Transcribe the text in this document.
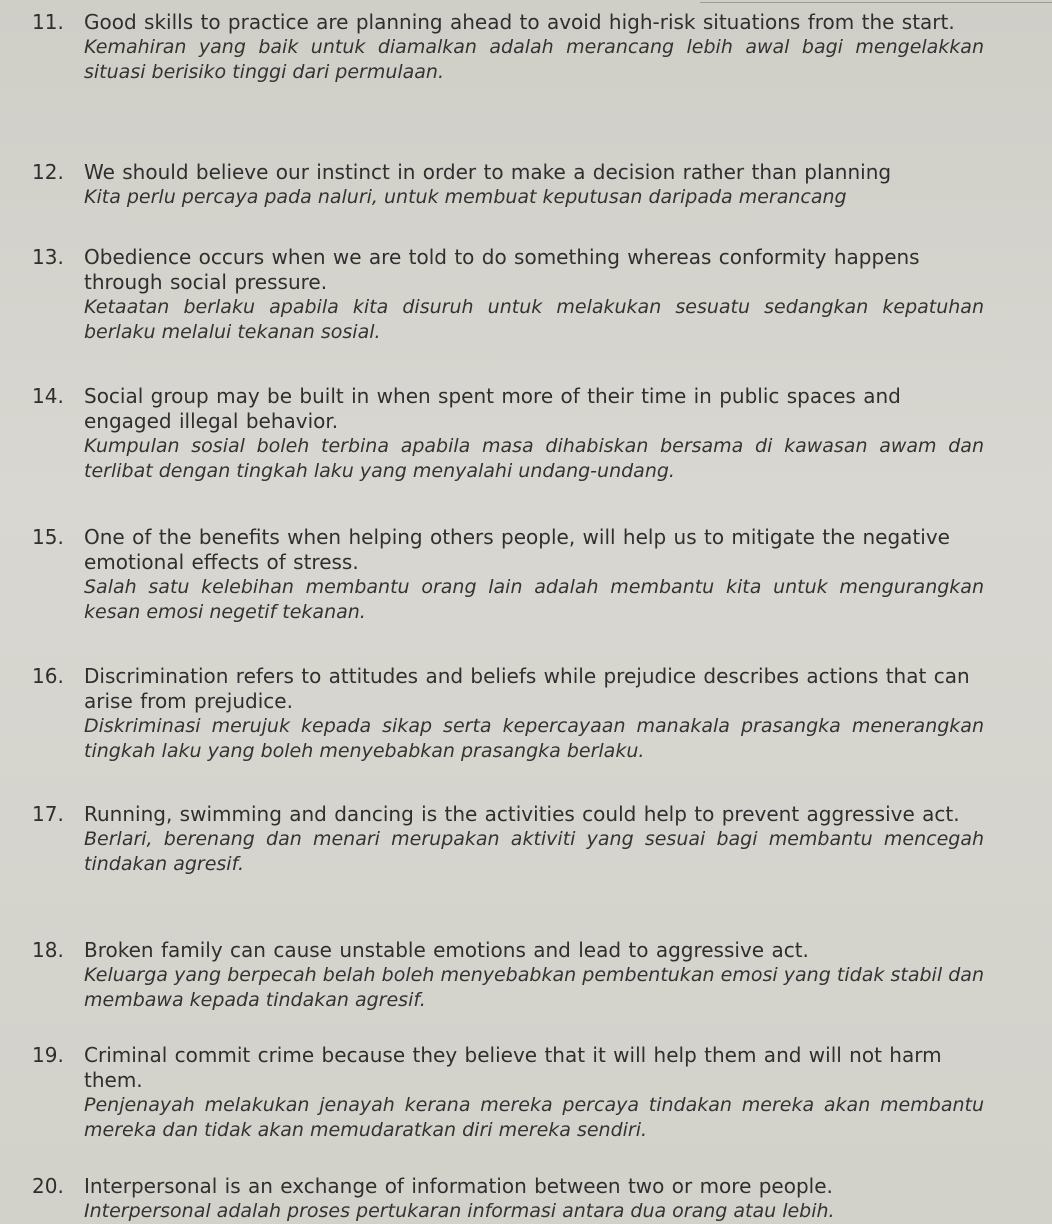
11.	Good skills to practice are planning ahead to avoid high-risk situations from the start.

Kemahiran yang baik untuk diamalkan adalah merancang lebih awal bagi mengelakkan situasi berisiko tinggi dari permulaan.

12.	We should believe our instinct in order to make a decision rather than planning

Kita perlu percaya pada naluri, untuk membuat keputusan daripada merancang

13.	Obedience occurs when we are told to do something whereas conformity happens through social pressure.

Ketaatan berlaku apabila kita disuruh untuk melakukan sesuatu sedangkan kepatuhan berlaku melalui tekanan sosial.

14.	Social group may be built in when spent more of their time in public spaces and engaged illegal behavior.

Kumpulan sosial boleh terbina apabila masa dihabiskan bersama di kawasan awam dan terlibat dengan tingkah laku yang menyalahi undang-undang.

15.	One of the benefits when helping others people, will help us to mitigate the negative emotional effects of stress.

Salah satu kelebihan membantu orang lain adalah membantu kita untuk mengurangkan kesan emosi negetif tekanan.

16.	Discrimination refers to attitudes and beliefs while prejudice describes actions that can arise from prejudice.

Diskriminasi merujuk kepada sikap serta kepercayaan manakala prasangka menerangkan tingkah laku yang boleh menyebabkan prasangka berlaku.

17.	Running, swimming and dancing is the activities could help to prevent aggressive act.

Berlari, berenang dan menari merupakan aktiviti yang sesuai bagi membantu mencegah tindakan agresif.

18.	Broken family can cause unstable emotions and lead to aggressive act.

Keluarga yang berpecah belah boleh menyebabkan pembentukan emosi yang tidak stabil dan membawa kepada tindakan agresif.

19.	Criminal commit crime because they believe that it will help them and will not harm them.

Penjenayah melakukan jenayah kerana mereka percaya tindakan mereka akan membantu mereka dan tidak akan memudaratkan diri mereka sendiri.

20.	Interpersonal is an exchange of information between two or more people.

Interpersonal adalah proses pertukaran informasi antara dua orang atau lebih.
